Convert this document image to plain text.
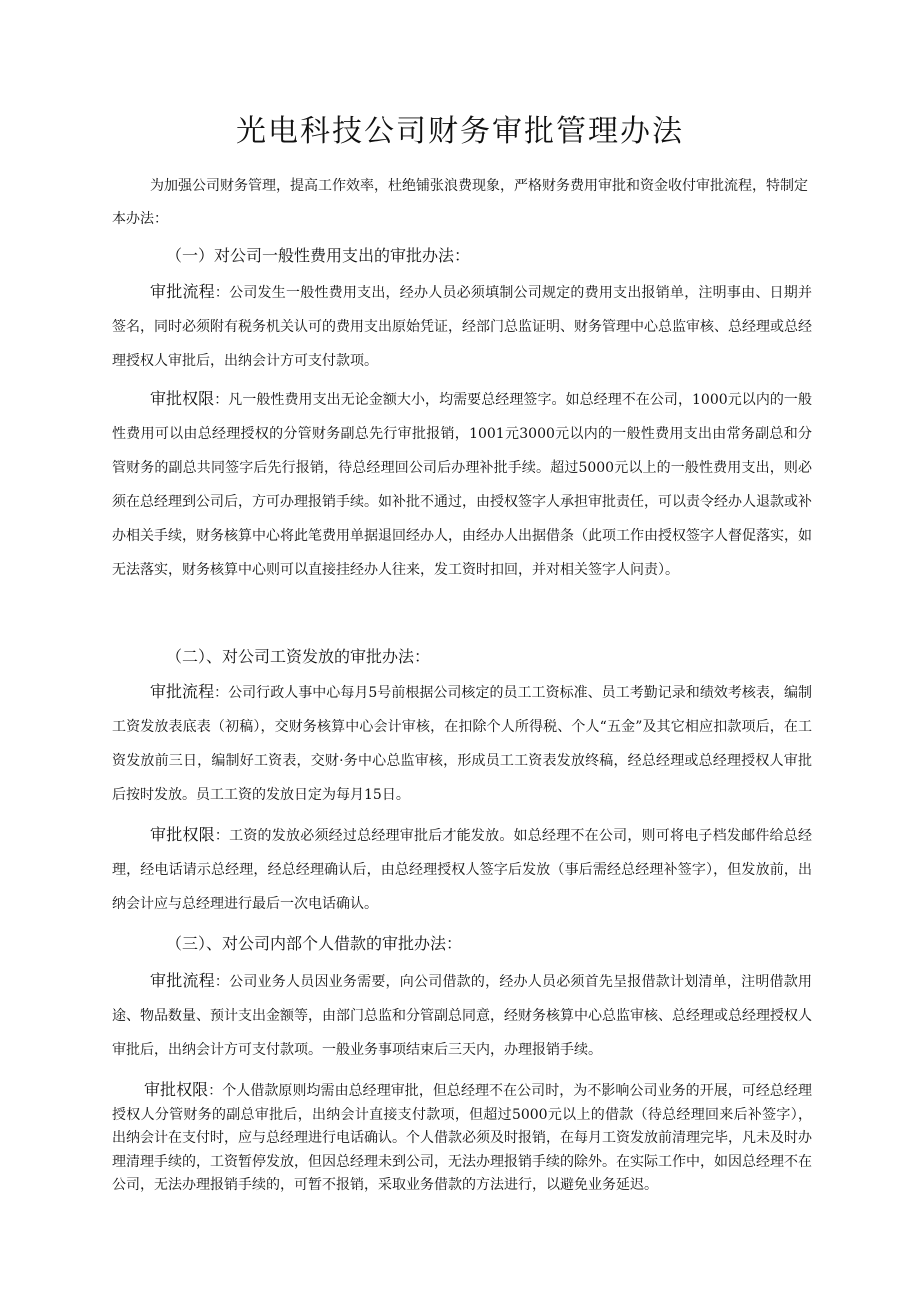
光电科技公司财务审批管理办法

为加强公司财务管理，提高工作效率，杜绝铺张浪费现象，严格财务费用审批和资金收付审批流程，特制定本办法：

（一）对公司一般性费用支出的审批办法：

审批流程：公司发生一般性费用支出，经办人员必须填制公司规定的费用支出报销单，注明事由、日期并签名，同时必须附有税务机关认可的费用支出原始凭证，经部门总监证明、财务管理中心总监审核、总经理或总经理授权人审批后，出纳会计方可支付款项。

审批权限：凡一般性费用支出无论金额大小，均需要总经理签字。如总经理不在公司，1000元以内的一般性费用可以由总经理授权的分管财务副总先行审批报销，1001元3000元以内的一般性费用支出由常务副总和分管财务的副总共同签字后先行报销，待总经理回公司后办理补批手续。超过5000元以上的一般性费用支出，则必须在总经理到公司后，方可办理报销手续。如补批不通过，由授权签字人承担审批责任，可以责令经办人退款或补办相关手续，财务核算中心将此笔费用单据退回经办人，由经办人出据借条（此项工作由授权签字人督促落实，如无法落实，财务核算中心则可以直接挂经办人往来，发工资时扣回，并对相关签字人问责）。

（二）、对公司工资发放的审批办法：

审批流程：公司行政人事中心每月5号前根据公司核定的员工工资标准、员工考勤记录和绩效考核表，编制工资发放表底表（初稿），交财务核算中心会计审核，在扣除个人所得税、个人“五金”及其它相应扣款项后，在工资发放前三日，编制好工资表，交财·务中心总监审核，形成员工工资表发放终稿，经总经理或总经理授权人审批后按时发放。员工工资的发放日定为每月15日。

审批权限：工资的发放必须经过总经理审批后才能发放。如总经理不在公司，则可将电子档发邮件给总经理，经电话请示总经理，经总经理确认后，由总经理授权人签字后发放（事后需经总经理补签字），但发放前，出纳会计应与总经理进行最后一次电话确认。

（三）、对公司内部个人借款的审批办法：

审批流程：公司业务人员因业务需要，向公司借款的，经办人员必须首先呈报借款计划清单，注明借款用途、物品数量、预计支出金额等，由部门总监和分管副总同意，经财务核算中心总监审核、总经理或总经理授权人审批后，出纳会计方可支付款项。一般业务事项结束后三天内，办理报销手续。

审批权限：个人借款原则均需由总经理审批，但总经理不在公司时，为不影响公司业务的开展，可经总经理授权人分管财务的副总审批后，出纳会计直接支付款项，但超过5000元以上的借款（待总经理回来后补签字），出纳会计在支付时，应与总经理进行电话确认。个人借款必须及时报销，在每月工资发放前清理完毕，凡未及时办理清理手续的，工资暂停发放，但因总经理未到公司，无法办理报销手续的除外。在实际工作中，如因总经理不在公司，无法办理报销手续的，可暂不报销，采取业务借款的方法进行，以避免业务延迟。
